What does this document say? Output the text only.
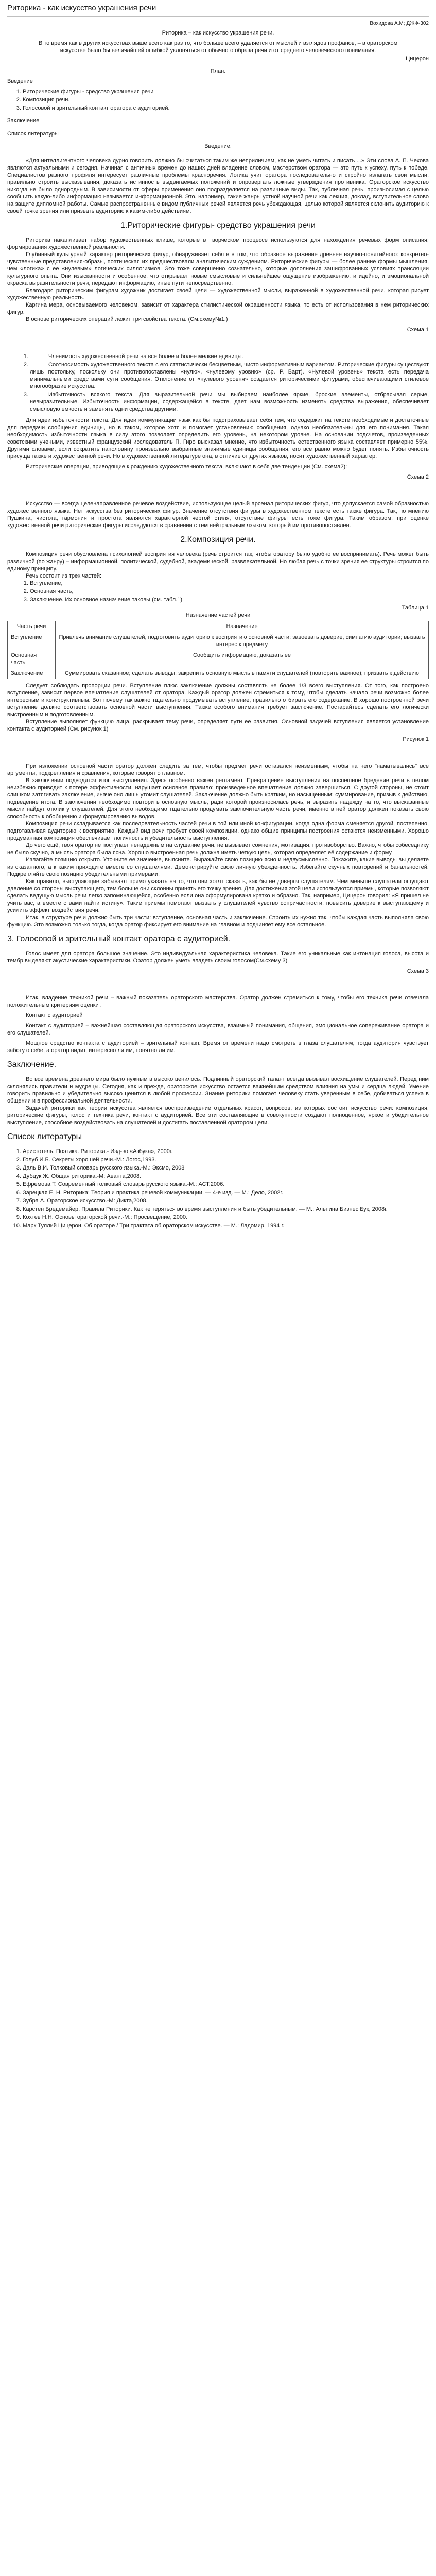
Риторика - как искусство украшения речи

Вохидова А.М; ДЖФ-302

Риторика – как искусство украшения речи.

В то время как в других искусствах выше всего как раз то, что больше всего удаляется от мыслей и взглядов профанов, – в ораторском искусстве было бы величайшей ошибкой уклоняться от обычного образа речи и от среднего человеческого понимания.

Цицерон

План.

Введение

1. Риторические фигуры - средство украшения речи
2. Композиция речи.
3. Голосовой и зрительный контакт оратора с аудиторией.

Заключение

Список литературы

Введение.

«Для интеллигентного человека дурно говорить должно бы считаться таким же неприличием, как не уметь читать и писать ...» Эти слова А. П. Чехова являются актуальными и сегодня. Начиная с античных времен до наших дней владение словом, мастерством оратора — это путь к успеху, путь к победе. Специалистов разного профиля интересует различные проблемы красноречия. Логика учит оратора последовательно и стройно излагать свои мысли, правильно строить высказывания, доказать истинность выдвигаемых положений и опровергать ложные утверждения противника. Ораторское искусство никогда не было однородным. В зависимости от сферы применения оно подразделяется на различные виды. Так, публичная речь, произносимая с целью сообщить какую-либо информацию называется информационной. Это, например, такие жанры устной научной речи как лекция, доклад, вступительное слово на защите дипломной работы. Самые распространенные видом публичных речей является речь убеждающая, целью которой является склонить аудиторию к своей точке зрения или призвать аудиторию к каким-либо действиям.

1.Риторические фигуры- средство украшения речи

Риторика накапливает набор художественных клише, которые в творческом процессе используются для нахождения речевых форм описания, формирования художественной реальности.

Глубинный культурный характер риторических фигур, обнаруживает себя в в том, что образное выражение древнее научно-понятийного: конкретно-чувственные представления-образы, поэтическая их предшествовали аналитическим суждениям. Риторические фигуры — более ранние формы мышления, чем «логика» с ее «нулевым» логических силлогизмов. Это тоже совершенно сознательно, которые дополнения зашифрованных условиях трансляции культурного опыта. Они изысканности и особенное, что открывает новые смысловые и сильнейшее ощущение изображению, и идейно, и эмоциональной окраска выразительности речи, передают информацию, иные пути непосредственно.

Благодаря риторическим фигурам художник достигает своей цели — художественной мысли, выраженной в художественной речи, которая рисует художественную реальность.

Каргина мера, основываемого человеком, зависит от характера стилистической окрашенности языка, то есть от использования в нем риторических фигур.

В основе риторических операций лежит три свойства текста. (См.схему№1.)

Схема 1

1. Членимость художественной речи на все более и более мелкие единицы.
2. Соотносимость художественного текста с его статистически бесцветным, чисто информативным вариантом. Риторические фигуры существуют лишь постольку, поскольку они противопоставлены «нулю», «нулевому уровню» (ср. Р. Барт). «Нулевой уровень» текста есть передача минимальными средствами сути сообщения. Отклонение от «нулевого уровня» создается риторическими фигурами, обеспечивающими стилевое многообразие искусства.
3. Избыточность всякого текста. Для выразительной речи мы выбираем наиболее яркие, броские элементы, отбрасывая серые, невыразительные. Избыточность информации, содержащейся в тексте, дает нам возможность изменять средства выражения, обеспечивает смысловую емкость и заменять одни средства другими.

Для идеи избыточности текста. Для идеи коммуникации язык как бы подстраховывает себя тем, что содержит на тексте необходимые и достаточные для передачи сообщения единицы, но в таком, которое хотя и помогает установлению сообщения, однако необязательны для его понимания. Такая необходимость избыточности языка в силу этого позволяет определить его уровень, на некотором уровне. На основании подсчетов, произведенных советскими учеными, известный французский исследователь П. Гиро высказал мнение, что избыточность естественного языка составляет примерно 55%. Другими словами, если сократить наполовину произвольно выбранные значимые единицы сообщения, его все равно можно будет понять. Избыточность присуща также и художественной речи. Но в художественной литературе она, в отличие от других языков, носит художественный характер.

Риторические операции, приводящие к рождению художественного текста, включают в себя две тенденции (См. схема2):

Схема 2

Искусство — всегда целенаправленное речевое воздействие, использующее целый арсенал риторических фигур, что допускается самой образностью художественного языка. Нет искусства без риторических фигур. Значение отсутствия фигуры в художественном тексте есть также фигура. Так, по мнению Пушкина, чистота, гармония и простота являются характерной чертой стиля, отсутствие фигуры есть тоже фигура. Таким образом, при оценке художественной речи риторические фигуры исследуются в сравнении с тем нейтральным языком, который им противопоставлен.

2.Композиция речи.

Композиция речи обусловлена психологией восприятия человека (речь строится так, чтобы оратору было удобно ее воспринимать). Речь может быть различной (по жанру) – информационной, политической, судебной, академической, развлекательной. Но любая речь с точки зрения ее структуры строится по единому принципу.

Речь состоит из трех частей:

1. Вступление,
2. Основная часть,
3. Заключение. Их основное назначение таковы (см. табл.1).

Таблица 1

Назначение частей речи

Часть речи	Назначение
Вступление	Привлечь внимание слушателей, подготовить аудиторию к восприятию основной части; завоевать доверие, симпатию аудитории; вызвать интерес к предмету
Основная часть	Сообщить информацию, доказать ее
Заключение	Суммировать сказанное; сделать выводы; закрепить основную мысль в памяти слушателей (повторить важное); призвать к действию

Следует соблюдать пропорции речи. Вступление плюс заключение должны составлять не более 1/3 всего выступления. От того, как построено вступление, зависит первое впечатление слушателей от оратора. Каждый оратор должен стремиться к тому, чтобы сделать начало речи возможно более интересным и конструктивным. Вот почему так важно тщательно продумывать вступление, правильно отбирать его содержание. В хорошо построенной речи вступление должно соответствовать основной части выступления. Также особого внимания требует заключение. Постарайтесь сделать его логически выстроенным и подготовленным.

Вступление выполняет функцию лица, раскрывает тему речи, определяет пути ее развития. Основной задачей вступления является установление контакта с аудиторией (См. рисунок 1)

Рисунок 1

При изложении основной части оратор должен следить за тем, чтобы предмет речи оставался неизменным, чтобы на него "наматывались" все аргументы, подкрепления и сравнения, которые говорят о главном.

В заключении подводятся итог выступления. Здесь особенно важен регламент. Превращение выступления на поспешное бредение речи в целом неизбежно приводит к потере эффективности, нарушает основное правило: произведенное впечатление должно завершиться. С другой стороны, не стоит слишком затягивать заключение, иначе оно лишь утомит слушателей. Заключение должно быть кратким, но насыщенным: суммирование, призыв к действию, подведение итога. В заключении необходимо повторить основную мысль, ради которой произносилась речь, и выразить надежду на то, что высказанные мысли найдут отклик у слушателей. Для этого необходимо тщательно продумать заключительную часть речи, именно в ней оратор должен показать свою способность к обобщению и формулированию выводов.

Композиция речи складывается как последовательность частей речи в той или иной конфигурации, когда одна форма сменяется другой, постепенно, подготавливая аудиторию к восприятию. Каждый вид речи требует своей композиции, однако общие принципы построения остаются неизменными. Хорошо продуманная композиция обеспечивает логичность и убедительность выступления.

До чего ещё, твоя оратор не поступает ненадежным на слушание речи, не вызывает сомнения, мотивация, противоборство. Важно, чтобы собеседнику не было скучно, а мысль оратора была ясна. Хорошо выстроенная речь должна иметь четкую цель, которая определяет её содержание и форму.

Излагайте позицию открыто. Уточните ее значение, выясните. Выражайте свою позицию ясно и недвусмысленно. Покажите, какие выводы вы делаете из сказанного, а к каким приходите вместе со слушателями. Демонстрируйте свою личную убежденность. Избегайте скучных повторений и банальностей. Подкрепляйте свою позицию убедительными примерами.

Как правило, выступающие забывают прямо указать на то, что они хотят сказать, как бы не доверяя слушателям. Чем меньше слушатели ощущают давление со стороны выступающего, тем больше они склонны принять его точку зрения. Для достижения этой цели используются приемы, которые позволяют сделать ведущую мысль речи легко запоминающейся, особенно если она сформулирована кратко и образно. Так, например, Цицерон говорил: «Я пришел не учить вас, а вместе с вами найти истину». Такие приемы помогают вызвать у слушателей чувство сопричастности, повысить доверие к выступающему и усилить эффект воздействия речи.

Итак, в структуре речи должно быть три части: вступление, основная часть и заключение. Строить их нужно так, чтобы каждая часть выполняла свою функцию. Это возможно только тогда, когда оратор фиксирует его внимание на главном и подчиняет ему все остальное.

3. Голосовой и зрительный контакт оратора с аудиторией.

Голос имеет для оратора большое значение. Это индивидуальная характеристика человека. Такие его уникальные как интонация голоса, высота и тембр выделяют акустические характеристики. Оратор должен уметь владеть своим голосом(См.схему 3)

Схема 3

Итак, владение техникой речи – важный показатель ораторского мастерства. Оратор должен стремиться к тому, чтобы его техника речи отвечала положительным критериям оценки .

Контакт с аудиторией

Контакт с аудиторией – важнейшая составляющая ораторского искусства, взаимный понимания, общения, эмоциональное сопереживание оратора и его слушателей.

Мощное средство контакта с аудиторией – зрительный контакт. Время от времени надо смотреть в глаза слушателям, тогда аудитория чувствует заботу о себе, а оратор видит, интересно ли им, понятно ли им.

Заключение.

Во все времена древнего мира было нужным в высоко ценилось. Подлинный ораторский талант всегда вызывал восхищение слушателей. Перед ним склонялись правители и мудрецы. Сегодня, как и прежде, ораторское искусство остается важнейшим средством влияния на умы и сердца людей. Умение говорить правильно и убедительно высоко ценится в любой профессии. Знание риторики помогает человеку стать уверенным в себе, добиваться успеха в общении и в профессиональной деятельности.

Задачей риторики как теории искусства является воспроизведение отдельных красот, вопросов, из которых состоит искусство речи: композиция, риторические фигуры, голос и техника речи, контакт с аудиторией. Все эти составляющие в совокупности создают полноценное, яркое и убедительное выступление, способное воздействовать на слушателей и достигать поставленной оратором цели.

Список литературы
1. Аристотель. Поэтика. Риторика.- Изд-во «Азбука», 2000г.
2. Голуб И.Б. Секреты хорошей речи.-М.: Логос,1993.
3. Даль В.И. Толковый словарь русского языка.-М.: Эксмо, 2008
4. Дубцук Ж. Общая риторика.-М: Аванта,2008.
5. Ефремова Т. Современный толковый словарь русского языка.-М.: АСТ,2006.
6. Зарецкая Е. Н. Риторика: Теория и практика речевой коммуникации. — 4-е изд. — М.: Дело, 2002г.
7. Зубра А. Ораторское искусство.-М: Дикта,2008.
8. Карстен Бредемайер. Правила Риторики. Как не теряться во время выступления и быть убедительным. — М.: Альпина Бизнес Бук, 2008г.
9. Кохтев Н.Н. Основы ораторской речи.-М.: Просвещение, 2000.
10. Марк Туллий Цицерон. Об ораторе / Три трактата об ораторском искусстве. — М.: Ладомир, 1994 г.
